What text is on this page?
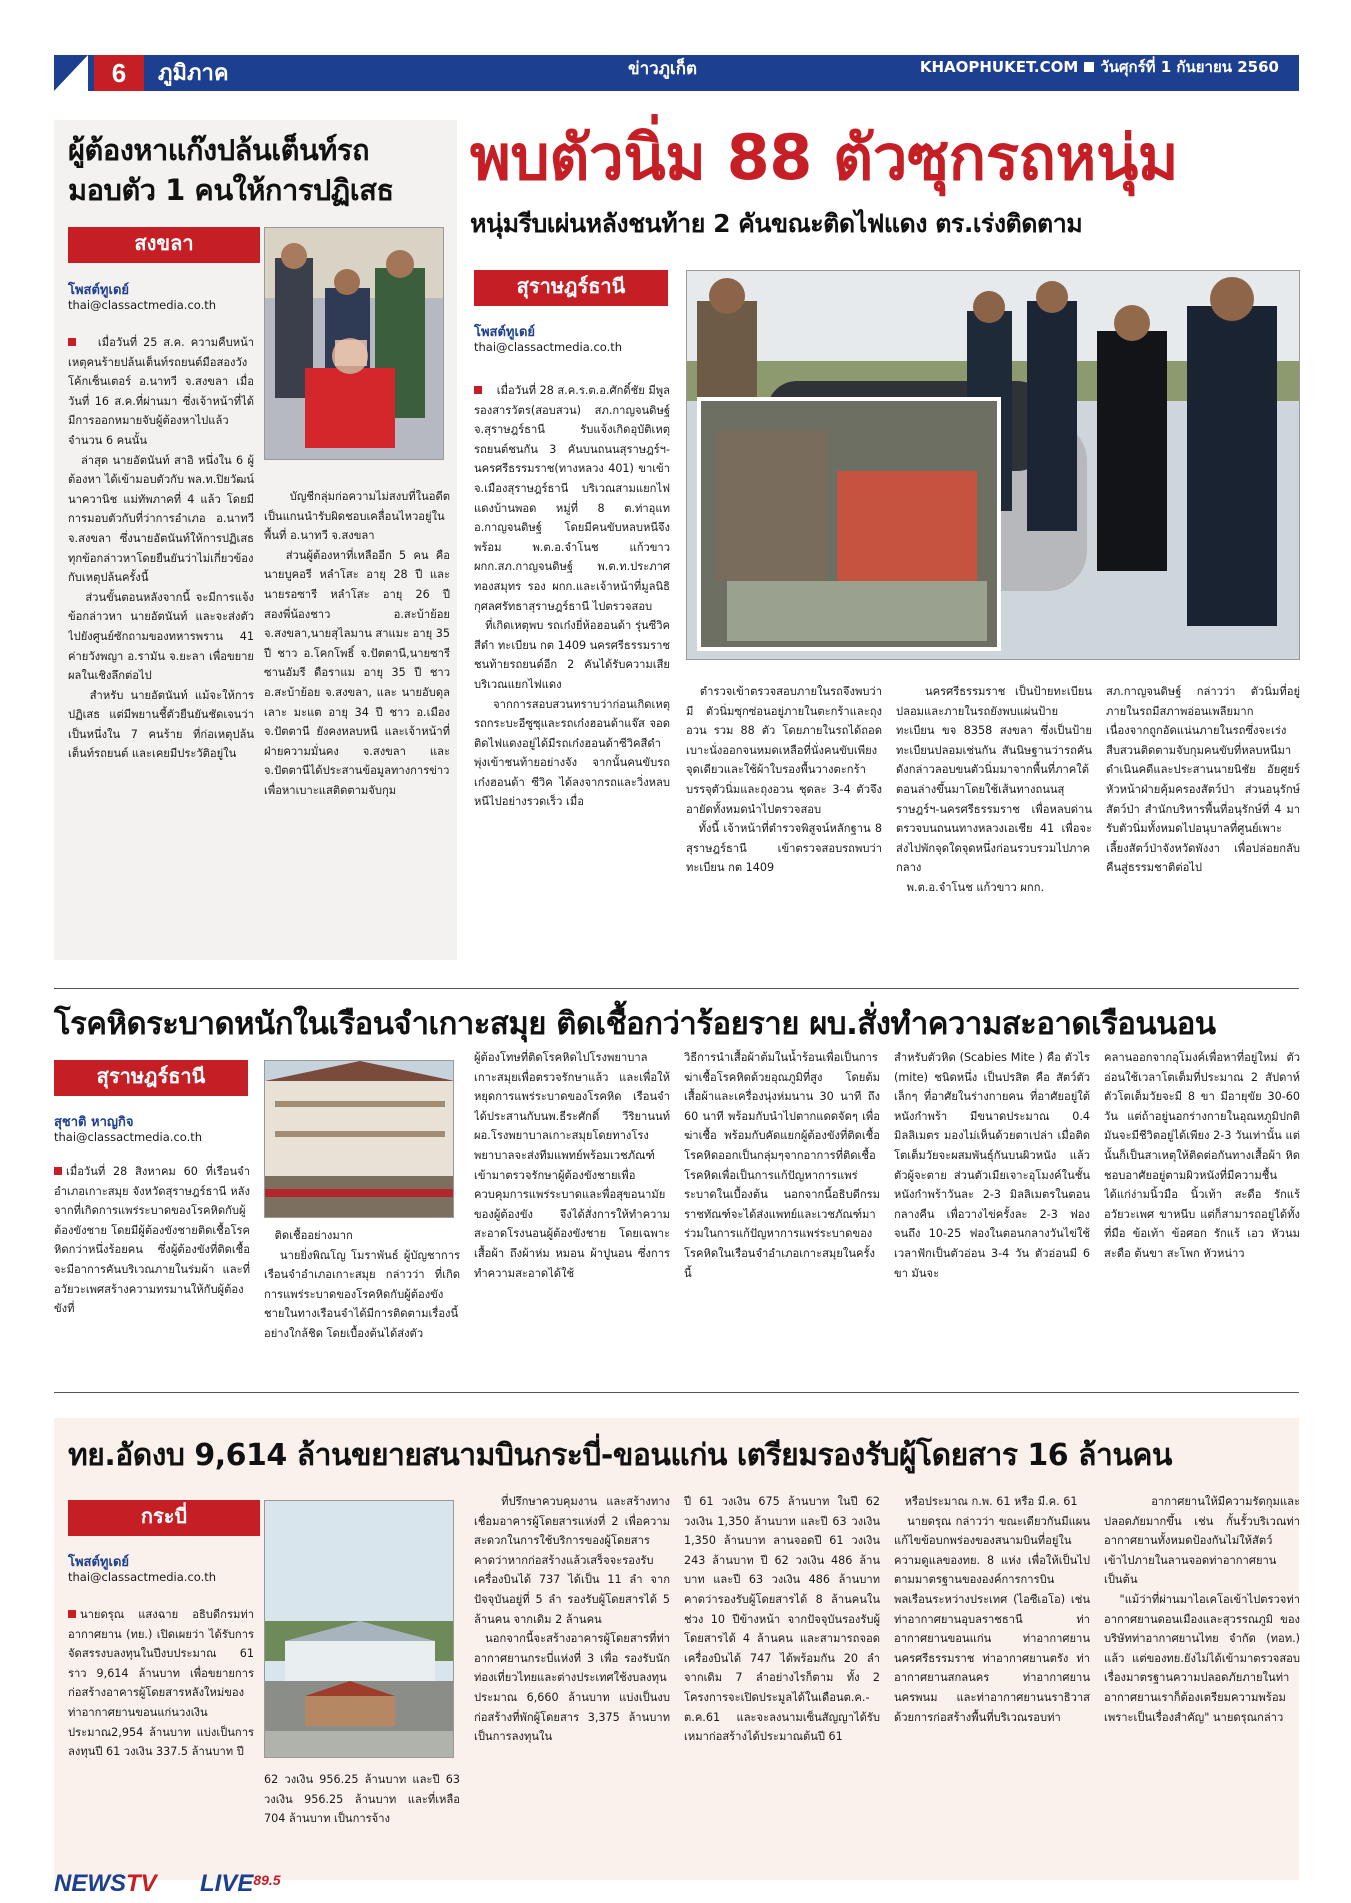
6	ภูมิภาค	ข่าวภูเก็ต	KHAOPHUKET.COM วันศุกร์ที่ 1 กันยายน 2560
ผู้ต้องหาแก๊งปล้นเต็นท์รถ
มอบตัว 1 คนให้การปฏิเสธ
สงขลา
โพสต์ทูเดย์
thai@classactmedia.co.th
เมื่อวันที่ 25 ส.ค. ความคืบหน้าเหตุคนร้ายปล้นเต็นท์รถยนต์มือสองวังโค้กเซ็นเตอร์ อ.นาทวี จ.สงขลา เมื่อวันที่ 16 ส.ค.ที่ผ่านมา ซึ่งเจ้าหน้าที่ได้มีการออกหมายจับผู้ต้องหาไปแล้วจำนวน 6 คนนั้น
ล่าสุด นายอัตนันท์ สาอิ หนึ่งใน 6 ผู้ต้องหา ได้เข้ามอบตัวกับ พล.ท.ปิยวัฒน์ นาควานิช แม่ทัพภาคที่ 4 แล้ว โดยมีการมอบตัวกับที่ว่าการอำเภอ อ.นาทวี จ.สงขลา ซึ่งนายอัตนันท์ให้การปฏิเสธทุกข้อกล่าวหาโดยยืนยันว่าไม่เกี่ยวข้องกับเหตุปล้นครั้งนี้
ส่วนขั้นตอนหลังจากนี้ จะมีการแจ้งข้อกล่าวหา นายอัตนันท์ และจะส่งตัวไปยังศูนย์ซักถามของทหารพราน 41 ค่ายวังพญา อ.รามัน จ.ยะลา เพื่อขยายผลในเชิงลึกต่อไป
สำหรับ นายอัตนันท์ แม้จะให้การปฏิเสธ แต่มีพยานชี้ตัวยืนยันชัดเจนว่าเป็นหนึ่งใน 7 คนร้าย ที่ก่อเหตุปล้นเต็นท์รถยนต์ และเคยมีประวัติอยู่ใน
บัญชีกลุ่มก่อความไม่สงบที่ในอดีตเป็นแกนนำรับผิดชอบเคลื่อนไหวอยู่ในพื้นที่ อ.นาทวี จ.สงขลา
ส่วนผู้ต้องหาที่เหลืออีก 5 คน คือ นายบูคอรี หลำโสะ อายุ 28 ปี และ นายรอซารี หลำโสะ อายุ 26 ปี สองพี่น้องชาว อ.สะบ้าย้อย จ.สงขลา,นายสุไลมาน สาแมะ อายุ 35 ปี ชาว อ.โคกโพธิ์ จ.ปัตตานี,นายซารีซานอัมรี ดือราแม อายุ 35 ปี ชาว อ.สะบ้าย้อย จ.สงขลา, และ นายอับดุลเลาะ มะแต อายุ 34 ปี ชาว อ.เมือง จ.ปัตตานี ยังคงหลบหนี และเจ้าหน้าที่ฝ่ายความมั่นคง จ.สงขลา และ จ.ปัตตานีได้ประสานข้อมูลทางการข่าวเพื่อหาเบาะแสติดตามจับกุม
พบตัวนิ่ม 88 ตัวซุกรถหนุ่ม
หนุ่มรีบเผ่นหลังชนท้าย 2 คันขณะติดไฟแดง ตร.เร่งติดตาม
สุราษฎร์ธานี
โพสต์ทูเดย์
thai@classactmedia.co.th
เมื่อวันที่ 28 ส.ค.ร.ต.อ.ศักดิ์ชัย มีพูล รองสารวัตร(สอบสวน) สภ.กาญจนดิษฐ์ จ.สุราษฎร์ธานี รับแจ้งเกิดอุบัติเหตุรถยนต์ชนกัน 3 คันบนถนนสุราษฎร์ฯ-นครศรีธรรมราช(ทางหลวง 401) ขาเข้าจ.เมืองสุราษฎร์ธานี บริเวณสามแยกไฟแดงบ้านพอด หมู่ที่ 8 ต.ท่าอุแท อ.กาญจนดิษฐ์ โดยมีคนขับหลบหนีจึงพร้อม พ.ต.อ.จำโนช แก้วขาว ผกก.สภ.กาญจนดิษฐ์ พ.ต.ท.ประภาศ ทองสมุทร รอง ผกก.และเจ้าหน้าที่มูลนิธิกุศลศรัทธาสุราษฎร์ธานี ไปตรวจสอบ
ที่เกิดเหตุพบ รถเก๋งยี่ห้อฮอนด้า รุ่นซีวิค สีดำ ทะเบียน กต 1409 นครศรีธรรมราช ชนท้ายรถยนต์อีก 2 คันได้รับความเสียบริเวณแยกไฟแดง
จากการสอบสวนทราบว่าก่อนเกิดเหตุรถกระบะอีซูซุและรถเก๋งฮอนด้าแจ๊ส จอดติดไฟแดงอยู่ได้มีรถเก๋งฮอนด้าซีวิคสีดำพุ่งเข้าชนท้ายอย่างจัง จากนั้นคนขับรถเก๋งฮอนด้า ซีวิค ได้ลงจากรถและวิ่งหลบหนีไปอย่างรวดเร็ว เมื่อ
ตำรวจเข้าตรวจสอบภายในรถจึงพบว่ามี ตัวนิ่มซุกซ่อนอยู่ภายในตะกร้าและถุงอวน รวม 88 ตัว โดยภายในรถได้ถอดเบาะนั่งออกจนหมดเหลือที่นั่งคนขับเพียงจุดเดียวและใช้ผ้าใบรองพื้นวางตะกร้าบรรจุตัวนิ่มและถุงอวน ชุดละ 3-4 ตัวจึงอายัดทั้งหมดนำไปตรวจสอบ
ทั้งนี้ เจ้าหน้าที่ตำรวจพิสูจน์หลักฐาน 8 สุราษฎร์ธานี เข้าตรวจสอบรถพบว่า ทะเบียน กต 1409
นครศรีธรรมราช เป็นป้ายทะเบียนปลอมและภายในรถยังพบแผ่นป้ายทะเบียน ขจ 8358 สงขลา ซึ่งเป็นป้ายทะเบียนปลอมเช่นกัน สันนิษฐานว่ารถคันดังกล่าวลอบขนตัวนิ่มมาจากพื้นที่ภาคใต้ตอนล่างขึ้นมาโดยใช้เส้นทางถนนสุราษฎร์ฯ-นครศรีธรรมราช เพื่อหลบด่านตรวจบนถนนทางหลวงเอเชีย 41 เพื่อจะส่งไปพักจุดใดจุดหนึ่งก่อนรวบรวมไปภาคกลาง
พ.ต.อ.จำโนช แก้วขาว ผกก.
สภ.กาญจนดิษฐ์ กล่าวว่า ตัวนิ่มที่อยู่ภายในรถมีสภาพอ่อนเพลียมาก เนื่องจากถูกอัดแน่นภายในรถซึ่งจะเร่งสืบสวนติดตามจับกุมคนขับที่หลบหนีมาดำเนินคดีและประสานนายนิชัย อัยศูยร์ หัวหน้าฝ่ายคุ้มครองสัตว์ป่า ส่วนอนุรักษ์สัตว์ป่า สำนักบริหารพื้นที่อนุรักษ์ที่ 4 มารับตัวนิ่มทั้งหมดไปอนุบาลที่ศูนย์เพาะเลี้ยงสัตว์ป่าจังหวัดพังงา เพื่อปล่อยกลับคืนสู่ธรรมชาติต่อไป
โรคหิดระบาดหนักในเรือนจำเกาะสมุย ติดเชื้อกว่าร้อยราย ผบ.สั่งทำความสะอาดเรือนนอน
สุราษฎร์ธานี
สุชาติ หาญกิจ
thai@classactmedia.co.th
เมื่อวันที่ 28 สิงหาคม 60 ที่เรือนจำอำเภอเกาะสมุย จังหวัดสุราษฎร์ธานี หลังจากที่เกิดการแพร่ระบาดของโรคหิดกับผู้ต้องขังชาย โดยมีผู้ต้องขังชายติดเชื้อโรคหิดกว่าหนึ่งร้อยคน ซึ่งผู้ต้องขังที่ติดเชื้อจะมีอาการคันบริเวณภายในร่มผ้า และที่อวัยวะเพศสร้างความทรมานให้กับผู้ต้องขังที่
ติดเชื้ออย่างมาก
นายยิ่งพิณโญ โมราพันธ์ ผู้บัญชาการเรือนจำอำเภอเกาะสมุย กล่าวว่า ที่เกิดการแพร่ระบาดของโรคหิดกับผู้ต้องขังชายในทางเรือนจำได้มีการติดตามเรื่องนี้อย่างใกล้ชิด โดยเบื้องต้นได้ส่งตัว
ผู้ต้องโทษที่ติดโรคหิดไปโรงพยาบาลเกาะสมุยเพื่อตรวจรักษาแล้ว และเพื่อให้หยุดการแพร่ระบาดของโรคหิด เรือนจำได้ประสานกับนพ.ธีระศักดิ์ วีริยานนท์ ผอ.โรงพยาบาลเกาะสมุยโดยทางโรงพยาบาลจะส่งทีมแพทย์พร้อมเวชภัณฑ์เข้ามาตรวจรักษาผู้ต้องขังชายเพื่อควบคุมการแพร่ระบาดและพื่อสุขอนามัยของผู้ต้องขัง จึงได้สั่งการให้ทำความสะอาดโรงนอนผู้ต้องขังชาย โดยเฉพาะเสื้อผ้า ถึงผ้าห่ม หมอน ผ้าปูนอน ซึ่งการทำความสะอาดได้ใช้
วิธีการนำเสื้อผ้าต้มในน้ำร้อนเพื่อเป็นการฆ่าเชื้อโรคหิดด้วยอุณภูมิที่สูง โดยต้มเสื้อผ้าและเครื่องนุ่งห่มนาน 30 นาที ถึง 60 นาที พร้อมกับนำไปตากแดดจัดๆ เพื่อฆ่าเชื้อ พร้อมกับคัดแยกผู้ต้องขังที่ติดเชื้อโรคหิดออกเป็นกลุ่มๆจากอาการที่ติดเชื้อโรคหิดเพื่อเป็นการแก้ปัญหาการแพร่ระบาดในเบื้องต้น นอกจากนี้อธิบดีกรมราชทัณฑ์จะได้ส่งแพทย์และเวชภัณฑ์มาร่วมในการแก้ปัญหาการแพร่ระบาดของโรคหิดในเรือนจำอำเภอเกาะสมุยในครั้งนี้
สำหรับตัวหิด (Scabies Mite ) คือ ตัวไร (mite) ชนิดหนึ่ง เป็นปรสิต คือ สัตว์ตัวเล็กๆ ที่อาศัยในร่างกายคน ที่อาศัยอยู่ใต้หนังกำพร้า มีขนาดประมาณ 0.4 มิลลิเมตร มองไม่เห็นด้วยตาเปล่า เมื่อติดโตเต็มวัยจะผสมพันธุ์กันบนผิวหนัง แล้วตัวผู้จะตาย ส่วนตัวเมียเจาะอุโมงค์ในชั้นหนังกำพร้าวันละ 2-3 มิลลิเมตรในตอนกลางคืน เพื่อวางไข่ครั้งละ 2-3 ฟอง จนถึง 10-25 ฟองในตอนกลางวันไข่ใช้เวลาฟักเป็นตัวอ่อน 3-4 วัน ตัวอ่อนมี 6 ขา มันจะ
คลานออกจากอุโมงค์เพื่อหาที่อยู่ใหม่ ตัวอ่อนใช้เวลาโตเต็มที่ประมาณ 2 สัปดาห์ ตัวโตเต็มวัยจะมี 8 ขา มีอายุขัย 30-60 วัน แต่ถ้าอยู่นอกร่างกายในอุณหภูมิปกติมันจะมีชีวิตอยู่ได้เพียง 2-3 วันเท่านั้น แต่นั้นก็เป็นสาเหตุให้ติดต่อกันทางเสื้อผ้า หิดชอบอาศัยอยู่ตามผิวหนังที่มีความชื้น ได้แก่ง่ามนิ้วมือ นิ้วเท้า สะดือ รักแร้ อวัยวะเพศ ขาหนีบ แต่ก็สามารถอยู่ได้ทั้งที่มือ ข้อเท้า ข้อศอก รักแร้ เอว หัวนม สะดือ ต้นขา สะโพก หัวหน่าว
ทย.อัดงบ 9,614 ล้านขยายสนามบินกระบี่-ขอนแก่น เตรียมรองรับผู้โดยสาร 16 ล้านคน
กระบี่
โพสต์ทูเดย์
thai@classactmedia.co.th
นายดรุณ แสงฉาย อธิบดีกรมท่าอากาศยาน (ทย.) เปิดเผยว่า ได้รับการจัดสรรงบลงทุนในปีงบประมาณ 61 ราว 9,614 ล้านบาท เพื่อขยายการก่อสร้างอาคารผู้โดยสารหลังใหม่ของท่าอากาศยานขอนแก่นวงเงินประมาณ2,954 ล้านบาท แบ่งเป็นการลงทุนปี 61 วงเงิน 337.5 ล้านบาท ปี
62 วงเงิน 956.25 ล้านบาท และปี 63 วงเงิน 956.25 ล้านบาท และที่เหลือ 704 ล้านบาท เป็นการจ้าง
ที่ปรึกษาควบคุมงาน และสร้างทางเชื่อมอาคารผู้โดยสารแห่งที่ 2 เพื่อความสะดวกในการใช้บริการของผู้โดยสาร คาดว่าหากก่อสร้างแล้วเสร็จจะรองรับเครื่องบินได้ 737 ได้เป็น 11 ลำ จากปัจจุบันอยู่ที่ 5 ลำ รองรับผู้โดยสารได้ 5 ล้านคน จากเดิม 2 ล้านคน
นอกจากนี้จะสร้างอาคารผู้โดยสารที่ท่าอากาศยานกระบี่แห่งที่ 3 เพื่อ รองรับนักท่องเที่ยวไทยและต่างประเทศใช้งบลงทุนประมาณ 6,660 ล้านบาท แบ่งเป็นงบก่อสร้างที่พักผู้โดยสาร 3,375 ล้านบาท เป็นการลงทุนใน
ปี 61 วงเงิน 675 ล้านบาท ในปี 62 วงเงิน 1,350 ล้านบาท และปี 63 วงเงิน 1,350 ล้านบาท ลานจอดปี 61 วงเงิน 243 ล้านบาท ปี 62 วงเงิน 486 ล้านบาท และปี 63 วงเงิน 486 ล้านบาท คาดว่ารองรับผู้โดยสารได้ 8 ล้านคนในช่วง 10 ปีข้างหน้า จากปัจจุบันรองรับผู้โดยสารได้ 4 ล้านคน และสามารถจอดเครื่องบินได้ 747 ได้พร้อมกัน 20 ลำ จากเดิม 7 ลำอย่างไรก็ตาม ทั้ง 2 โครงการจะเปิดประมูลได้ในเดือนต.ค.-ต.ค.61 และจะลงนามเซ็นสัญญาได้รับเหมาก่อสร้างได้ประมาณต้นปี 61
หรือประมาณ ก.พ. 61 หรือ มี.ค. 61
นายดรุณ กล่าวว่า ขณะเดียวกันมีแผนแก้ไขข้อบกพร่องของสนามบินที่อยู่ในความดูแลของทย. 8 แห่ง เพื่อให้เป็นไปตามมาตรฐานขององค์การการบินพลเรือนระหว่างประเทศ (ไอซีเอโอ) เช่น ท่าอากาศยานอุบลราชธานี ท่าอากาศยานขอนแก่น ท่าอากาศยานนครศรีธรรมราช ท่าอากาศยานตรัง ท่าอากาศยานสกลนคร ท่าอากาศยานนครพนม และท่าอากาศยานนราธิวาส ด้วยการก่อสร้างพื้นที่บริเวณรอบท่า
อากาศยานให้มีความรัดกุมและปลอดภัยมากขึ้น เช่น กั้นรั้วบริเวณท่าอากาศยานทั้งหมดป้องกันไม่ให้สัตว์เข้าไปภายในลานจอดท่าอากาศยาน เป็นต้น
"แม้ว่าที่ผ่านมาไอเคโอเข้าไปตรวจท่าอากาศยานดอนเมืองและสุวรรณภูมิ ของบริษัทท่าอากาศยานไทย จำกัด (ทอท.) แล้ว แต่ของทย.ยังไม่ได้เข้ามาตรวจสอบเรื่องมาตรฐานความปลอดภัยภายในท่าอากาศยานเราก็ต้องเตรียมความพร้อมเพราะเป็นเรื่องสำคัญ" นายดรุณกล่าว
NEWSTV $LIVE^{89.5}$
